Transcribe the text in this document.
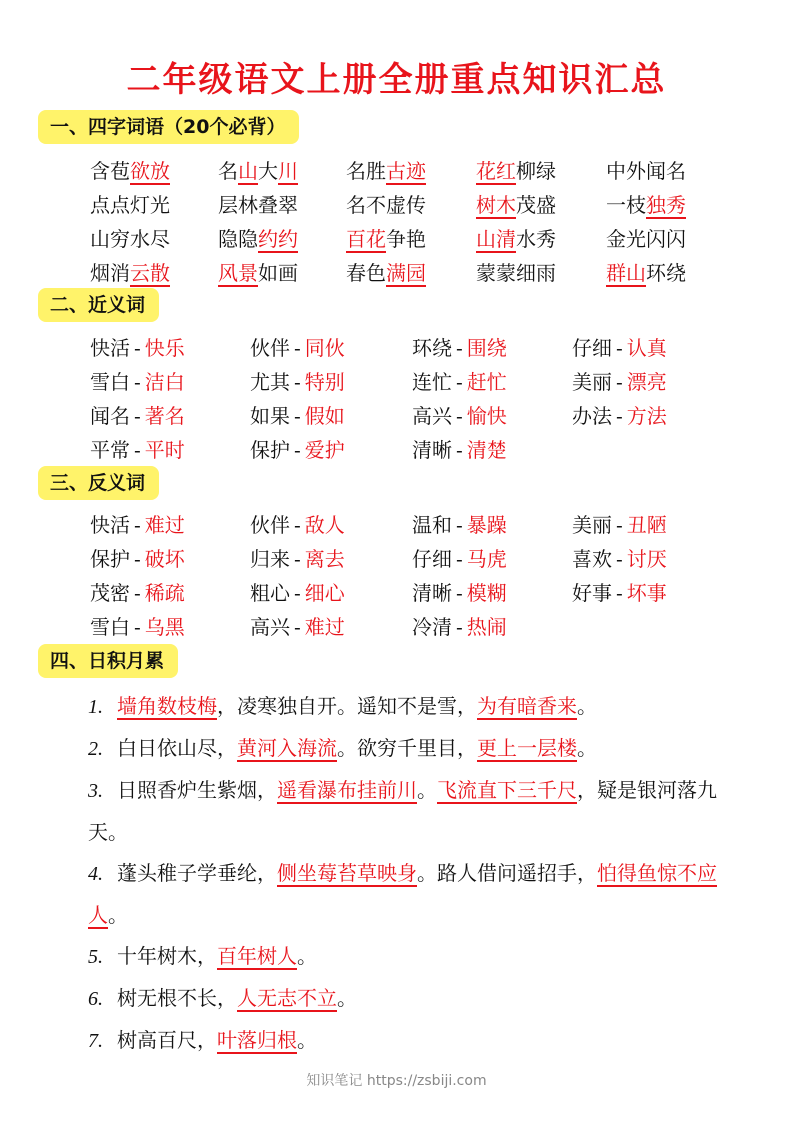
二年级语文上册全册重点知识汇总
一、四字词语（20个必背）
含苞欲放 名山大川 名胜古迹	花红柳绿	中外闻名
点点灯光 层林叠翠 名不虚传	树木茂盛	一枝独秀
山穷水尽 隐隐约约 百花争艳	山清水秀	金光闪闪
烟消云散 风景如画 春色满园	蒙蒙细雨	群山环绕
二、近义词
快活 - 快乐	伙伴 - 同伙	环绕 - 围绕	仔细 - 认真
雪白 - 洁白	尤其 - 特别	连忙 - 赶忙	美丽 - 漂亮
闻名 - 著名	如果 - 假如	高兴 - 愉快	办法 - 方法
平常 - 平时	保护 - 爱护	清晰 - 清楚
三、反义词
快活 - 难过	伙伴 - 敌人	温和 - 暴躁	美丽 - 丑陋
保护 - 破坏	归来 - 离去	仔细 - 马虎	喜欢 - 讨厌
茂密 - 稀疏	粗心 - 细心	清晰 - 模糊	好事 - 坏事
雪白 - 乌黑	高兴 - 难过	冷清 - 热闹
四、日积月累
1. 墙角数枝梅，凌寒独自开。遥知不是雪，为有暗香来。
2. 白日依山尽，黄河入海流。欲穷千里目，更上一层楼。
3. 日照香炉生紫烟，遥看瀑布挂前川。飞流直下三千尺，疑是银河落九天。
4. 蓬头稚子学垂纶，侧坐莓苔草映身。路人借问遥招手，怕得鱼惊不应人。
5. 十年树木，百年树人。
6. 树无根不长，人无志不立。
7. 树高百尺，叶落归根。
知识笔记 https://zsbiji.com
